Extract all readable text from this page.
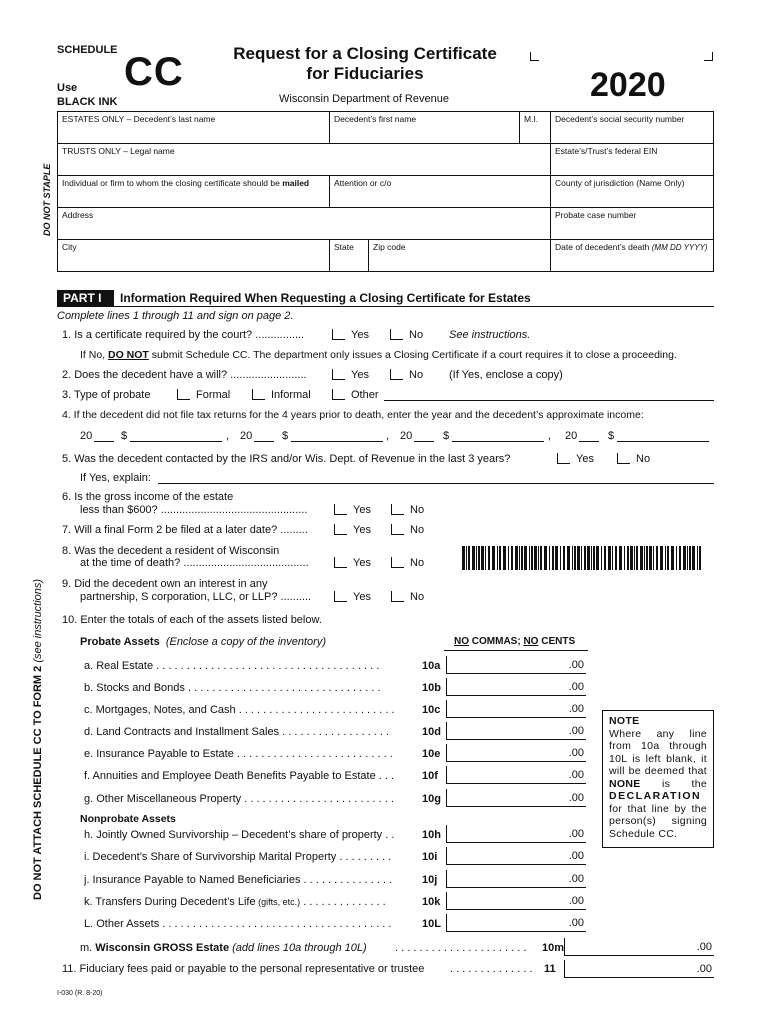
SCHEDULE CC
Use
BLACK INK
Request for a Closing Certificate
for Fiduciaries
Wisconsin Department of Revenue	2020
DO NOT STAPLE
DO NOT ATTACH SCHEDULE CC TO FORM 2 (see instructions)
ESTATES ONLY – Decedent’s last name	Decedent’s first name	M.I.	Decedent’s social security number
TRUSTS ONLY – Legal name	Estate’s/Trust’s federal EIN
Individual or firm to whom the closing certificate should be mailed	Attention or c/o	County of jurisdiction (Name Only)
Address	Probate case number
City	State	Zip code	Date of decedent’s death (MM DD YYYY)
PART I	Information Required When Requesting a Closing Certificate for Estates
Complete lines 1 through 11 and sign on page 2.
1. Is a certificate required by the court? ................	Yes	No See instructions.
If No, DO NOT submit Schedule CC. The department only issues a Closing Certificate if a court requires it to close a proceeding.
2. Does the decedent have a will? .........................	Yes	No (If Yes, enclose a copy)
3. Type of probate	Formal	Informal	Other
4. If the decedent did not file tax returns for the 4 years prior to death, enter the year and the decedent’s approximate income:
20	$	, 20	$	, 20	$	, 20	$
5. Was the decedent contacted by the IRS and/or Wis. Dept. of Revenue in the last 3 years?	Yes	No
If Yes, explain:
6. Is the gross income of the estate
less than $600? ................................................	Yes	No
7. Will a final Form 2 be filed at a later date? .........	Yes	No
8. Was the decedent a resident of Wisconsin
at the time of death? .........................................	Yes	No
9. Did the decedent own an interest in any
partnership, S corporation, LLC, or LLP? ..........	Yes	No
10. Enter the totals of each of the assets listed below.
Probate Assets (Enclose a copy of the inventory)	NO COMMAS; NO CENTS
a. Real Estate . . . . . . . . . . . . . . . . . . . . . . . . . . . . . . . . . . . . .	10a	.00
b. Stocks and Bonds . . . . . . . . . . . . . . . . . . . . . . . . . . . . . . . .	10b	.00
c. Mortgages, Notes, and Cash . . . . . . . . . . . . . . . . . . . . . . . . . . 10c	.00
d. Land Contracts and Installment Sales . . . . . . . . . . . . . . . . . .	10d	.00
e. Insurance Payable to Estate . . . . . . . . . . . . . . . . . . . . . . . . . .	10e	.00
f. Annuities and Employee Death Benefits Payable to Estate . . .	10f	.00
g. Other Miscellaneous Property . . . . . . . . . . . . . . . . . . . . . . . . .	10g	.00
h. Jointly Owned Survivorship – Decedent’s share of property . .	10h	.00
i. Decedent’s Share of Survivorship Marital Property . . . . . . . . .	10i	.00
j. Insurance Payable to Named Beneficiaries . . . . . . . . . . . . . . .	10j	.00
k. Transfers During Decedent’s Life (gifts, etc.) . . . . . . . . . . . . . .	10k	.00
L. Other Assets . . . . . . . . . . . . . . . . . . . . . . . . . . . . . . . . . . . . . .	10L	.00
Nonprobate Assets
NOTE
Where any line from 10a through 10L is left blank, it will be deemed that NONE is the DECLARATION for that line by the person(s) signing Schedule CC.
m. Wisconsin GROSS Estate (add lines 10a through 10L)	. . . . . . . . . . . . . . . . . . . . . . 10m	.00
11. Fiduciary fees paid or payable to the personal representative or trustee . . . . . . . . . . . . . . 11	.00
I-030 (R. 8-20)
